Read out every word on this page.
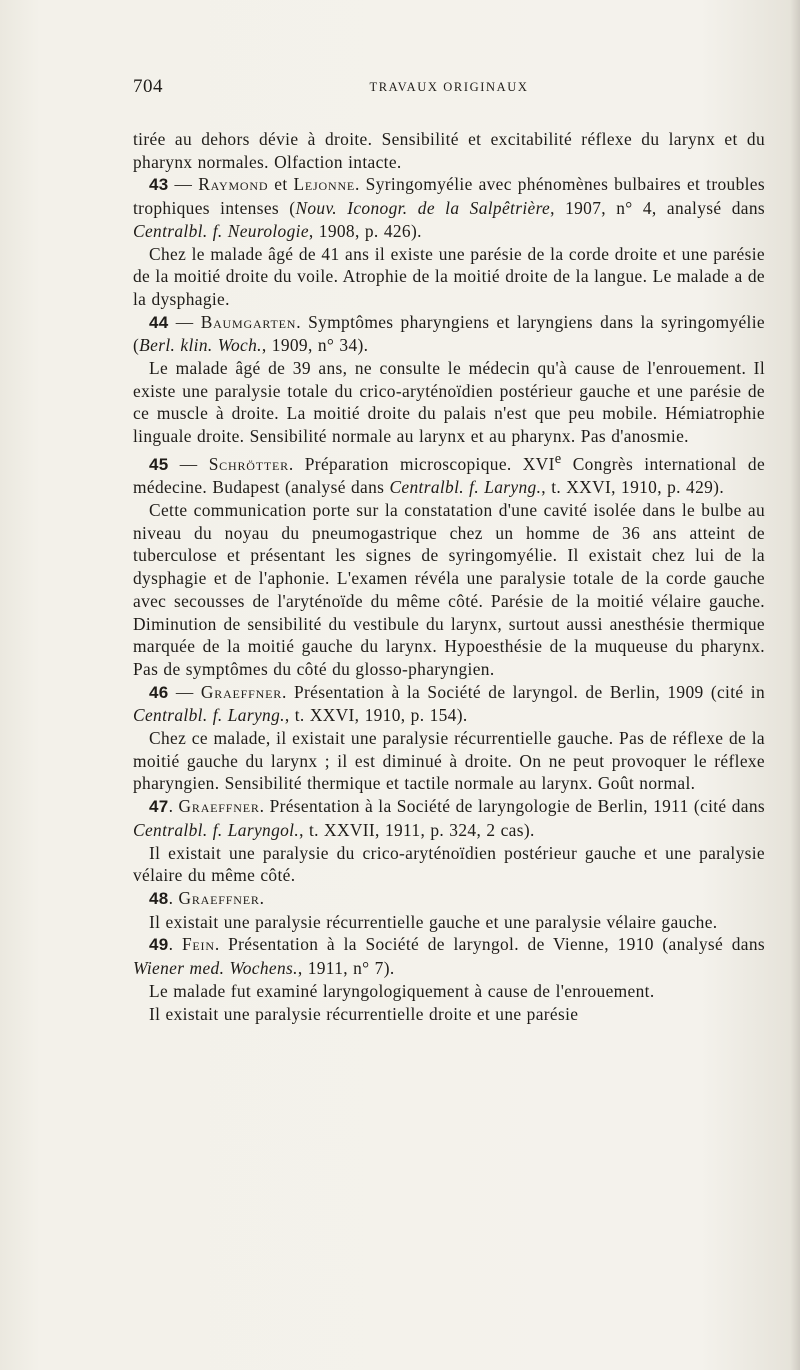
704	TRAVAUX ORIGINAUX

tirée au dehors dévie à droite. Sensibilité et excitabilité réflexe du larynx et du pharynx normales. Olfaction intacte.

43 — Raymond et Lejonne. Syringomyélie avec phénomènes bulbaires et troubles trophiques intenses (Nouv. Iconogr. de la Salpêtrière, 1907, n° 4, analysé dans Centralbl. f. Neurologie, 1908, p. 426).

Chez le malade âgé de 41 ans il existe une parésie de la corde droite et une parésie de la moitié droite du voile. Atrophie de la moitié droite de la langue. Le malade a de la dysphagie.

44 — Baumgarten. Symptômes pharyngiens et laryngiens dans la syringomyélie (Berl. klin. Woch., 1909, n° 34).

Le malade âgé de 39 ans, ne consulte le médecin qu'à cause de l'enrouement. Il existe une paralysie totale du crico-aryténoïdien postérieur gauche et une parésie de ce muscle à droite. La moitié droite du palais n'est que peu mobile. Hémiatrophie linguale droite. Sensibilité normale au larynx et au pharynx. Pas d'anosmie.

45 — Schrötter. Préparation microscopique. XVIe Congrès international de médecine. Budapest (analysé dans Centralbl. f. Laryng., t. XXVI, 1910, p. 429).

Cette communication porte sur la constatation d'une cavité isolée dans le bulbe au niveau du noyau du pneumogastrique chez un homme de 36 ans atteint de tuberculose et présentant les signes de syringomyélie. Il existait chez lui de la dysphagie et de l'aphonie. L'examen révéla une paralysie totale de la corde gauche avec secousses de l'aryténoïde du même côté. Parésie de la moitié vélaire gauche. Diminution de sensibilité du vestibule du larynx, surtout aussi anesthésie thermique marquée de la moitié gauche du larynx. Hypoesthésie de la muqueuse du pharynx. Pas de symptômes du côté du glosso-pharyngien.

46 — Graeffner. Présentation à la Société de laryngol. de Berlin, 1909 (cité in Centralbl. f. Laryng., t. XXVI, 1910, p. 154).

Chez ce malade, il existait une paralysie récurrentielle gauche. Pas de réflexe de la moitié gauche du larynx ; il est diminué à droite. On ne peut provoquer le réflexe pharyngien. Sensibilité thermique et tactile normale au larynx. Goût normal.

47. Graeffner. Présentation à la Société de laryngologie de Berlin, 1911 (cité dans Centralbl. f. Laryngol., t. XXVII, 1911, p. 324, 2 cas).

Il existait une paralysie du crico-aryténoïdien postérieur gauche et une paralysie vélaire du même côté.

48. Graeffner.

Il existait une paralysie récurrentielle gauche et une paralysie vélaire gauche.

49. Fein. Présentation à la Société de laryngol. de Vienne, 1910 (analysé dans Wiener med. Wochens., 1911, n° 7).

Le malade fut examiné laryngologiquement à cause de l'enrouement.

Il existait une paralysie récurrentielle droite et une parésie
